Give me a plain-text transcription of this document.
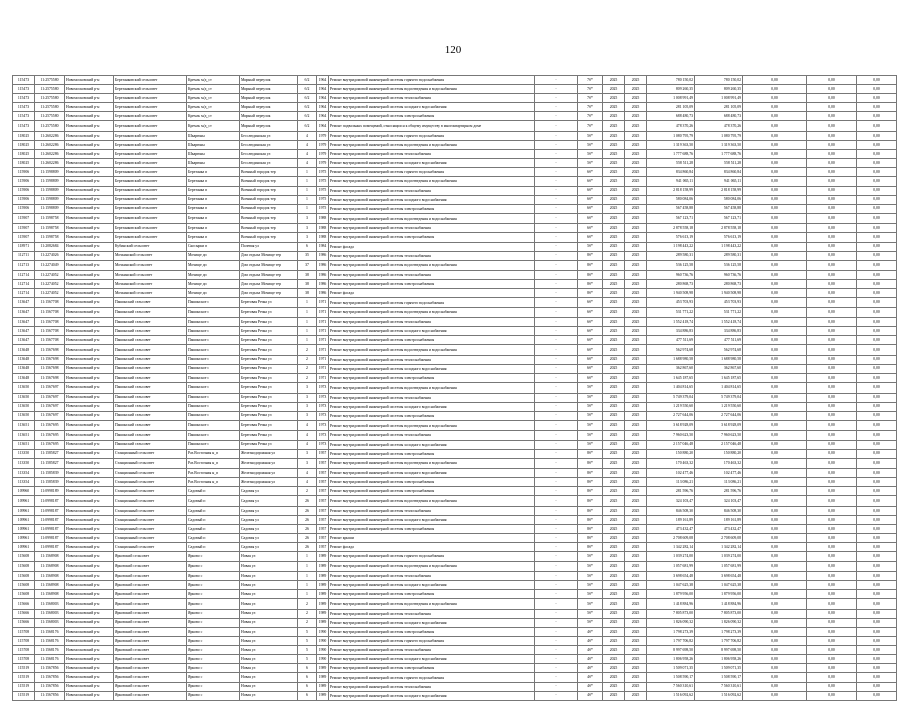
120
115473	11:2575580	Новомосковский р-н	Березанковский сельсовет	Кремль м/д_ст	Мирный переулок	б/2	1964	Ремонт внутридомовой инженерной системы горячего водоснабжения	-	7б*	2025	2025	780 150,02	780 150,02	0,00	0,00	0,00
115473	11:2575580	Новомосковский р-н	Березанковский сельсовет	Кремль м/д_ст	Мирный переулок	б/2	1964	Ремонт внутридомовой инженерной системы водоотведения и водоснабжения	-	7б*	2025	2025	809 260,35	809 260,35	0,00	0,00	0,00
115473	11:2575580	Новомосковский р-н	Березанковский сельсовет	Кремль м/д_ст	Мирный переулок	б/2	1964	Ремонт внутридомовой инженерной системы теплоснабжения	-	7б*	2025	2025	1 008 991,49	1 008 991,49	0,00	0,00	0,00
115473	11:2575580	Новомосковский р-н	Березанковский сельсовет	Кремль м/д_ст	Мирный переулок	б/2	1964	Ремонт внутридомовой инженерной системы холодного водоснабжения	-	7б*	2025	2025	281 105,09	281 105,09	0,00	0,00	0,00
115473	11:2575580	Новомосковский р-н	Березанковский сельсовет	Кремль м/д_ст	Мирный переулок	б/2	1964	Ремонт внутридомовой инженерной системы электроснабжения	-	7б*	2025	2025	688 480,73	688 480,73	0,00	0,00	0,00
115473	11:2575580	Новомосковский р-н	Березанковский сельсовет	Кремль м/д_ст	Мирный переулок	б/2	1964	Ремонт подвальных помещений, относящихся к общему имуществу в многоквартирном доме	-	7б*	2025	2025	478 370,26	478 370,26	0,00	0,00	0,00
118025	11:2602286	Новомосковский р-н	Березанковский сельсовет	Шкарюны	Бесслюдинская ул	4	1979	Ремонт внутридомовой инженерной системы горячего водоснабжения	-	5б*	2025	2025	1 080 795,79	1 080 795,79	0,00	0,00	0,00
118025	11:2602286	Новомосковский р-н	Березанковский сельсовет	Шкарюны	Бесслюдинская ул	4	1979	Ремонт внутридомовой инженерной системы водоотведения и водоснабжения	-	5б*	2025	2025	1 319 363,50	1 319 363,50	0,00	0,00	0,00
118025	11:2602286	Новомосковский р-н	Березанковский сельсовет	Шкарюны	Бесслюдинская ул	4	1979	Ремонт внутридомовой инженерной системы теплоснабжения	-	5б*	2025	2025	1 777 688,76	1 777 688,76	0,00	0,00	0,00
118025	11:2602286	Новомосковский р-н	Березанковский сельсовет	Шкарюны	Бесслюдинская ул	4	1979	Ремонт внутридомовой инженерной системы холодного водоснабжения	-	5б*	2025	2025	558 511,28	558 511,28	0,00	0,00	0,00
115906	11:1598809	Новомосковский р-н	Березанковский сельсовет	Березанка п	Военный городок тер	1	1975	Ремонт внутридомовой инженерной системы горячего водоснабжения	-	6б*	2025	2025	834 860,84	834 860,84	0,00	0,00	0,00
115906	11:1598809	Новомосковский р-н	Березанковский сельсовет	Березанка п	Военный городок тер	1	1975	Ремонт внутридомовой инженерной системы водоотведения и водоснабжения	-	6б*	2025	2025	941 065,11	941 065,11	0,00	0,00	0,00
115906	11:1598809	Новомосковский р-н	Березанковский сельсовет	Березанка п	Военный городок тер	1	1975	Ремонт внутридомовой инженерной системы теплоснабжения	-	6б*	2025	2025	2 818 158,99	2 818 158,99	0,00	0,00	0,00
115906	11:1598809	Новомосковский р-н	Березанковский сельсовет	Березанка п	Военный городок тер	1	1975	Ремонт внутридомовой инженерной системы холодного водоснабжения	-	6б*	2025	2025	580 084,06	580 084,06	0,00	0,00	0,00
115906	11:1598809	Новомосковский р-н	Березанковский сельсовет	Березанка п	Военный городок тер	1	1975	Ремонт внутридомовой инженерной системы электроснабжения	-	6б*	2025	2025	567 458,88	567 458,88	0,00	0,00	0,00
115907	11:1598758	Новомосковский р-н	Березанковский сельсовет	Березанка п	Военный городок тер	3	1988	Ремонт внутридомовой инженерной системы водоотведения и водоснабжения	-	6б*	2025	2025	567 123,71	567 123,71	0,00	0,00	0,00
115907	11:1598758	Новомосковский р-н	Березанковский сельсовет	Березанка п	Военный городок тер	3	1988	Ремонт внутридомовой инженерной системы теплоснабжения	-	6б*	2025	2025	2 878 558,18	2 878 558,18	0,00	0,00	0,00
115907	11:1598758	Новомосковский р-н	Березанковский сельсовет	Березанка п	Военный городок тер	3	1988	Ремонт внутридомовой инженерной системы электроснабжения	-	6б*	2025	2025	576 613,19	576 613,19	0,00	0,00	0,00
118971	11:2082684	Новомосковский р-н	Кубинский сельсовет	Скосырки п	Полевая ул	6	1984	Ремонт фасада	-	5б*	2025	2025	1 198 443,22	1 198 443,22	0,00	0,00	0,00
112711	11:2274026	Новомосковский р-н	Мочкинский сельсовет	Мочище дп	Дом отдыха Мочище тер	35	1986	Ремонт внутридомовой инженерной системы теплоснабжения	-	8б*	2025	2025	289 580,31	289 580,31	0,00	0,00	0,00
112713	11:2274049	Новомосковский р-н	Мочкинский сельсовет	Мочище дп	Дом отдыха Мочище тер	37	1986	Ремонт внутридомовой инженерной системы водоотведения и водоснабжения	-	8б*	2025	2025	536 125,58	536 125,58	0,00	0,00	0,00
112714	11:2274052	Новомосковский р-н	Мочкинский сельсовет	Мочище дп	Дом отдыха Мочище тер	38	1986	Ремонт внутридомовой инженерной системы теплоснабжения	-	8б*	2025	2025	960 736,76	960 736,76	0,00	0,00	0,00
112714	11:2274052	Новомосковский р-н	Мочкинский сельсовет	Мочище дп	Дом отдыха Мочище тер	38	1986	Ремонт внутридомовой инженерной системы электроснабжения	-	8б*	2025	2025	280 868,73	280 868,73	0,00	0,00	0,00
112714	11:2274052	Новомосковский р-н	Мочкинский сельсовет	Мочище дп	Дом отдыха Мочище тер	38	1986	Ремонт фасада	-	8б*	2025	2025	1 940 508,98	1 940 508,98	0,00	0,00	0,00
113647	11:1567708	Новомосковский р-н	Пашинский сельсовет	Пашинское с	Береговая Речка ул	1	1971	Ремонт внутридомовой инженерной системы горячего водоснабжения	-	6б*	2025	2025	453 703,93	453 703,93	0,00	0,00	0,00
113647	11:1567708	Новомосковский р-н	Пашинский сельсовет	Пашинское с	Береговая Речка ул	1	1971	Ремонт внутридомовой инженерной системы водоотведения и водоснабжения	-	6б*	2025	2025	531 771,22	531 771,22	0,00	0,00	0,00
113647	11:1567708	Новомосковский р-н	Пашинский сельсовет	Пашинское с	Береговая Речка ул	1	1971	Ремонт внутридомовой инженерной системы теплоснабжения	-	6б*	2025	2025	1 552 418,74	1 552 418,74	0,00	0,00	0,00
113647	11:1567708	Новомосковский р-н	Пашинский сельсовет	Пашинское с	Береговая Речка ул	1	1971	Ремонт внутридомовой инженерной системы холодного водоснабжения	-	6б*	2025	2025	334 886,83	334 886,83	0,00	0,00	0,00
113647	11:1567708	Новомосковский р-н	Пашинский сельсовет	Пашинское с	Береговая Речка ул	1	1971	Ремонт внутридомовой инженерной системы электроснабжения	-	6б*	2025	2025	477 511,69	477 511,69	0,00	0,00	0,00
113648	11:1567698	Новомосковский р-н	Пашинский сельсовет	Пашинское с	Береговая Речка ул	2	1971	Ремонт внутридомовой инженерной системы водоотведения и водоснабжения	-	6б*	2025	2025	562 974,68	562 974,68	0,00	0,00	0,00
113648	11:1567698	Новомосковский р-н	Пашинский сельсовет	Пашинское с	Береговая Речка ул	2	1971	Ремонт внутридомовой инженерной системы теплоснабжения	-	6б*	2025	2025	1 688 980,58	1 688 980,58	0,00	0,00	0,00
113648	11:1567698	Новомосковский р-н	Пашинский сельсовет	Пашинское с	Береговая Речка ул	2	1971	Ремонт внутридомовой инженерной системы холодного водоснабжения	-	6б*	2025	2025	362 867,60	362 867,60	0,00	0,00	0,00
113648	11:1567698	Новомосковский р-н	Пашинский сельсовет	Пашинское с	Береговая Речка ул	2	1971	Ремонт внутридомовой инженерной системы электроснабжения	-	6б*	2025	2025	1 645 187,65	1 645 187,65	0,00	0,00	0,00
113650	11:1567697	Новомосковский р-н	Пашинский сельсовет	Пашинское с	Береговая Речка ул	3	1973	Ремонт внутридомовой инженерной системы водоотведения и водоснабжения	-	5б*	2025	2025	1 404 814,65	1 404 814,65	0,00	0,00	0,00
113650	11:1567697	Новомосковский р-н	Пашинский сельсовет	Пашинское с	Береговая Речка ул	3	1973	Ремонт внутридомовой инженерной системы теплоснабжения	-	5б*	2025	2025	5 749 379,04	5 749 379,04	0,00	0,00	0,00
113650	11:1567697	Новомосковский р-н	Пашинский сельсовет	Пашинское с	Береговая Речка ул	3	1973	Ремонт внутридомовой инженерной системы холодного водоснабжения	-	5б*	2025	2025	1 219 550,60	1 219 550,60	0,00	0,00	0,00
113650	11:1567697	Новомосковский р-н	Пашинский сельсовет	Пашинское с	Береговая Речка ул	3	1973	Ремонт внутридомовой инженерной системы электроснабжения	-	5б*	2025	2025	2 727 644,06	2 727 644,06	0,00	0,00	0,00
113651	11:1567695	Новомосковский р-н	Пашинский сельсовет	Пашинское с	Береговая Речка ул	4	1973	Ремонт внутридомовой инженерной системы водоотведения и водоснабжения	-	5б*	2025	2025	3 618 928,09	3 618 928,09	0,00	0,00	0,00
113651	11:1567695	Новомосковский р-н	Пашинский сельсовет	Пашинское с	Береговая Речка ул	4	1973	Ремонт внутридомовой инженерной системы теплоснабжения	-	5б*	2025	2025	7 960 623,50	7 960 623,50	0,00	0,00	0,00
113651	11:1567695	Новомосковский р-н	Пашинский сельсовет	Пашинское с	Береговая Речка ул	4	1973	Ремонт внутридомовой инженерной системы холодного водоснабжения	-	5б*	2025	2025	2 157 046,48	2 157 046,48	0,00	0,00	0,00
113350	11:1585827	Новомосковский р-н	Станционный сельсовет	Раз.Восточная н_п	Железнодорожная ул	3	1957	Ремонт внутридомовой инженерной системы электроснабжения	-	8б*	2025	2025	150 880,20	150 880,20	0,00	0,00	0,00
113350	11:1585827	Новомосковский р-н	Станционный сельсовет	Раз.Восточная н_п	Железнодорожная ул	3	1957	Ремонт внутридомовой инженерной системы водоотведения и водоснабжения	-	8б*	2025	2025	170 463,32	170 463,32	0,00	0,00	0,00
113354	11:1585839	Новомосковский р-н	Станционный сельсовет	Раз.Восточная н_п	Железнодорожная ул	4	1957	Ремонт внутридомовой инженерной системы холодного водоснабжения	-	8б*	2025	2025	102 477,46	102 477,46	0,00	0,00	0,00
113354	11:1585839	Новомосковский р-н	Станционный сельсовет	Раз.Восточная н_п	Железнодорожная ул	4	1957	Ремонт внутридомовой инженерной системы электроснабжения	-	8б*	2025	2025	113 086,21	113 086,21	0,00	0,00	0,00
109960	11:0998189	Новомосковский р-н	Станционный сельсовет	Садовый п	Садовая ул	2	1957	Ремонт внутридомовой инженерной системы электроснабжения	-	8б*	2025	2025	281 596,76	281 596,76	0,00	0,00	0,00
109961	11:0998187	Новомосковский р-н	Станционный сельсовет	Садовый п	Садовая ул	26	1957	Ремонт внутридомовой инженерной системы водоотведения и водоснабжения	-	8б*	2025	2025	324 103,47	324 103,47	0,00	0,00	0,00
109961	11:0998187	Новомосковский р-н	Станционный сельсовет	Садовый п	Садовая ул	26	1957	Ремонт внутридомовой инженерной системы теплоснабжения	-	8б*	2025	2025	846 508,30	846 508,30	0,00	0,00	0,00
109961	11:0998187	Новомосковский р-н	Станционный сельсовет	Садовый п	Садовая ул	26	1957	Ремонт внутридомовой инженерной системы холодного водоснабжения	-	8б*	2025	2025	189 161,89	189 161,89	0,00	0,00	0,00
109961	11:0998187	Новомосковский р-н	Станционный сельсовет	Садовый п	Садовая ул	26	1957	Ремонт внутридомовой инженерной системы электроснабжения	-	8б*	2025	2025	473 432,47	473 432,47	0,00	0,00	0,00
109961	11:0998187	Новомосковский р-н	Станционный сельсовет	Садовый п	Садовая ул	26	1957	Ремонт крыши	-	8б*	2025	2025	2 708 609,08	2 708 609,08	0,00	0,00	0,00
109961	11:0998187	Новомосковский р-н	Станционный сельсовет	Садовый п	Садовая ул	26	1957	Ремонт фасада	-	8б*	2025	2025	1 342 282,14	1 342 282,14	0,00	0,00	0,00
115608	11:1568908	Новомосковский р-н	Ярковский сельсовет	Ярково с	Новая ул	1	1989	Ремонт внутридомовой инженерной системы горячего водоснабжения	-	5б*	2025	2025	1 039 274,00	1 039 274,00	0,00	0,00	0,00
115608	11:1568908	Новомосковский р-н	Ярковский сельсовет	Ярково с	Новая ул	1	1989	Ремонт внутридомовой инженерной системы водоотведения и водоснабжения	-	5б*	2025	2025	1 057 681,99	1 057 681,99	0,00	0,00	0,00
115608	11:1568908	Новомосковский р-н	Ярковский сельсовет	Ярково с	Новая ул	1	1989	Ремонт внутридомовой инженерной системы теплоснабжения	-	5б*	2025	2025	3 698 654,48	3 698 654,48	0,00	0,00	0,00
115608	11:1568908	Новомосковский р-н	Ярковский сельсовет	Ярково с	Новая ул	1	1989	Ремонт внутридомовой инженерной системы холодного водоснабжения	-	5б*	2025	2025	1 047 625,38	1 047 625,38	0,00	0,00	0,00
115608	11:1568908	Новомосковский р-н	Ярковский сельсовет	Ярково с	Новая ул	1	1989	Ремонт внутридомовой инженерной системы электроснабжения	-	5б*	2025	2025	1 879 956,00	1 879 956,00	0,00	0,00	0,00
115666	11:1568003	Новомосковский р-н	Ярковский сельсовет	Ярково с	Новая ул	2	1989	Ремонт внутридомовой инженерной системы водоотведения и водоснабжения	-	5б*	2025	2025	1 418 884,96	1 418 884,96	0,00	0,00	0,00
115666	11:1568003	Новомосковский р-н	Ярковский сельсовет	Ярково с	Новая ул	2	1989	Ремонт внутридомовой инженерной системы теплоснабжения	-	5б*	2025	2025	7 805 873,00	7 805 873,00	0,00	0,00	0,00
115666	11:1568003	Новомосковский р-н	Ярковский сельсовет	Ярково с	Новая ул	2	1989	Ремонт внутридомовой инженерной системы холодного водоснабжения	-	5б*	2025	2025	1 826 090,32	1 826 090,32	0,00	0,00	0,00
115708	11:1568176	Новомосковский р-н	Ярковский сельсовет	Ярково с	Новая ул	5	1990	Ремонт внутридомовой инженерной системы электроснабжения	-	4б*	2025	2025	1 798 273,39	1 798 273,39	0,00	0,00	0,00
115708	11:1568176	Новомосковский р-н	Ярковский сельсовет	Ярково с	Новая ул	5	1990	Ремонт внутридомовой инженерной системы горячего водоснабжения	-	4б*	2025	2025	1 797 706,82	1 797 706,82	0,00	0,00	0,00
115708	11:1568176	Новомосковский р-н	Ярковский сельсовет	Ярково с	Новая ул	5	1990	Ремонт внутридомовой инженерной системы теплоснабжения	-	4б*	2025	2025	8 997 698,50	8 997 698,50	0,00	0,00	0,00
115708	11:1568176	Новомосковский р-н	Ярковский сельсовет	Ярково с	Новая ул	5	1990	Ремонт внутридомовой инженерной системы холодного водоснабжения	-	4б*	2025	2025	1 806 958,26	1 806 958,26	0,00	0,00	0,00
115519	11:1567856	Новомосковский р-н	Ярковский сельсовет	Ярково с	Новая ул	6	1989	Ремонт внутридомовой инженерной системы электроснабжения	-	4б*	2025	2025	1 509 071,35	1 509 071,35	0,00	0,00	0,00
115519	11:1567856	Новомосковский р-н	Ярковский сельсовет	Ярково с	Новая ул	6	1989	Ремонт внутридомовой инженерной системы горячего водоснабжения	-	4б*	2025	2025	1 508 590,17	1 508 590,17	0,00	0,00	0,00
115519	11:1567856	Новомосковский р-н	Ярковский сельсовет	Ярково с	Новая ул	6	1989	Ремонт внутридомовой инженерной системы теплоснабжения	-	4б*	2025	2025	7 560 310,61	7 560 310,61	0,00	0,00	0,00
115519	11:1567856	Новомосковский р-н	Ярковский сельсовет	Ярково с	Новая ул	6	1989	Ремонт внутридомовой инженерной системы холодного водоснабжения	-	4б*	2025	2025	1 516 092,62	1 516 092,62	0,00	0,00	0,00
